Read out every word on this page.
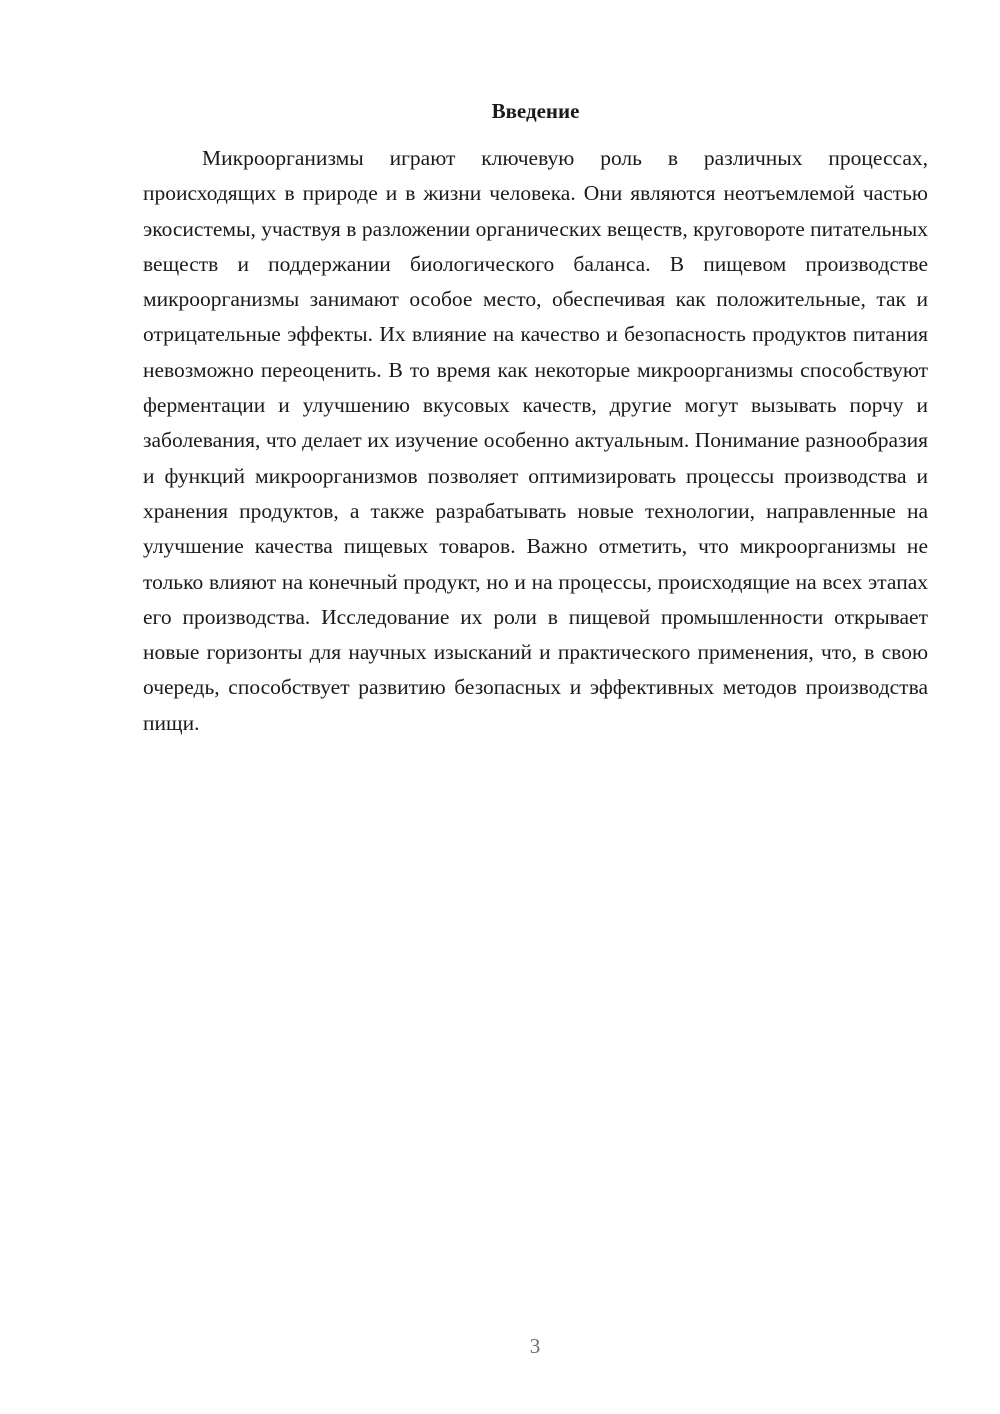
Введение

Микроорганизмы играют ключевую роль в различных процессах, происходящих в природе и в жизни человека. Они являются неотъемлемой частью экосистемы, участвуя в разложении органических веществ, круговороте питательных веществ и поддержании биологического баланса. В пищевом производстве микроорганизмы занимают особое место, обеспечивая как положительные, так и отрицательные эффекты. Их влияние на качество и безопасность продуктов питания невозможно переоценить. В то время как некоторые микроорганизмы способствуют ферментации и улучшению вкусовых качеств, другие могут вызывать порчу и заболевания, что делает их изучение особенно актуальным. Понимание разнообразия и функций микроорганизмов позволяет оптимизировать процессы производства и хранения продуктов, а также разрабатывать новые технологии, направленные на улучшение качества пищевых товаров. Важно отметить, что микроорганизмы не только влияют на конечный продукт, но и на процессы, происходящие на всех этапах его производства. Исследование их роли в пищевой промышленности открывает новые горизонты для научных изысканий и практического применения, что, в свою очередь, способствует развитию безопасных и эффективных методов производства пищи.

3
